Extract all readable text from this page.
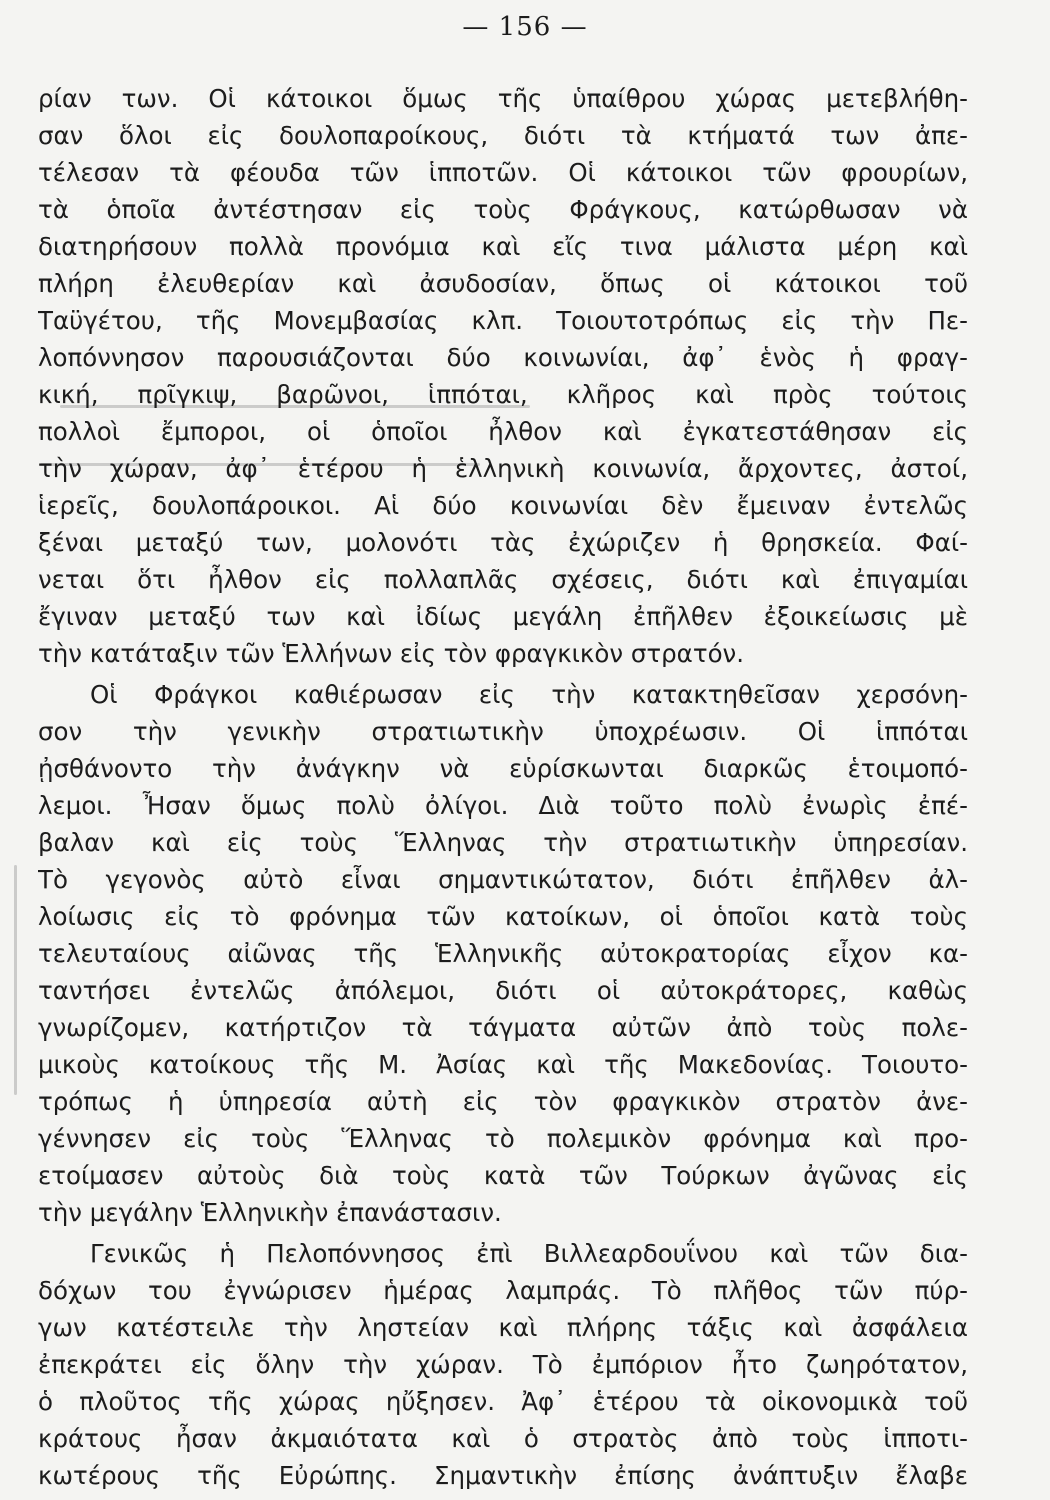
— 156 —
ρίαν των. Οἱ κάτοικοι ὅμως τῆς ὑπαίθρου χώρας μετεβλήθη-
σαν ὅλοι εἰς δουλοπαροίκους, διότι τὰ κτήματά των ἀπε-
τέλεσαν τὰ φέουδα τῶν ἱπποτῶν. Οἱ κάτοικοι τῶν φρουρίων,
τὰ ὁποῖα ἀντέστησαν εἰς τοὺς Φράγκους, κατώρθωσαν νὰ
διατηρήσουν πολλὰ προνόμια καὶ εἴς τινα μάλιστα μέρη καὶ
πλήρη ἐλευθερίαν καὶ ἀσυδοσίαν, ὅπως οἱ κάτοικοι τοῦ
Ταϋγέτου, τῆς Μονεμβασίας κλπ. Τοιουτοτρόπως εἰς τὴν Πε-
λοπόννησον παρουσιάζονται δύο κοινωνίαι, ἀφ᾽ ἑνὸς ἡ φραγ-
κική, πρῖγκιψ, βαρῶνοι, ἱππόται, κλῆρος καὶ πρὸς τούτοις
πολλοὶ ἔμποροι, οἱ ὁποῖοι ἦλθον καὶ ἐγκατεστάθησαν εἰς
τὴν χώραν, ἀφ᾽ ἑτέρου ἡ ἑλληνικὴ κοινωνία, ἄρχοντες, ἀστοί,
ἱερεῖς, δουλοπάροικοι. Αἱ δύο κοινωνίαι δὲν ἔμειναν ἐντελῶς
ξέναι μεταξύ των, μολονότι τὰς ἐχώριζεν ἡ θρησκεία. Φαί-
νεται ὅτι ἦλθον εἰς πολλαπλᾶς σχέσεις, διότι καὶ ἐπιγαμίαι
ἔγιναν μεταξύ των καὶ ἰδίως μεγάλη ἐπῆλθεν ἐξοικείωσις μὲ
τὴν κατάταξιν τῶν Ἑλλήνων εἰς τὸν φραγκικὸν στρατόν.
Οἱ Φράγκοι καθιέρωσαν εἰς τὴν κατακτηθεῖσαν χερσόνη-
σον τὴν γενικὴν στρατιωτικὴν ὑποχρέωσιν. Οἱ ἱππόται
ᾐσθάνοντο τὴν ἀνάγκην νὰ εὑρίσκωνται διαρκῶς ἑτοιμοπό-
λεμοι. Ἦσαν ὅμως πολὺ ὀλίγοι. Διὰ τοῦτο πολὺ ἐνωρὶς ἐπέ-
βαλαν καὶ εἰς τοὺς Ἕλληνας τὴν στρατιωτικὴν ὑπηρεσίαν.
Τὸ γεγονὸς αὐτὸ εἶναι σημαντικώτατον, διότι ἐπῆλθεν ἀλ-
λοίωσις εἰς τὸ φρόνημα τῶν κατοίκων, οἱ ὁποῖοι κατὰ τοὺς
τελευταίους αἰῶνας τῆς Ἑλληνικῆς αὐτοκρατορίας εἶχον κα-
ταντήσει ἐντελῶς ἀπόλεμοι, διότι οἱ αὐτοκράτορες, καθὼς
γνωρίζομεν, κατήρτιζον τὰ τάγματα αὐτῶν ἀπὸ τοὺς πολε-
μικοὺς κατοίκους τῆς Μ. Ἀσίας καὶ τῆς Μακεδονίας. Τοιουτο-
τρόπως ἡ ὑπηρεσία αὐτὴ εἰς τὸν φραγκικὸν στρατὸν ἀνε-
γέννησεν εἰς τοὺς Ἕλληνας τὸ πολεμικὸν φρόνημα καὶ προ-
ετοίμασεν αὐτοὺς διὰ τοὺς κατὰ τῶν Τούρκων ἀγῶνας εἰς
τὴν μεγάλην Ἑλληνικὴν ἐπανάστασιν.
Γενικῶς ἡ Πελοπόννησος ἐπὶ Βιλλεαρδουΐνου καὶ τῶν δια-
δόχων του ἐγνώρισεν ἡμέρας λαμπράς. Τὸ πλῆθος τῶν πύρ-
γων κατέστειλε τὴν ληστείαν καὶ πλήρης τάξις καὶ ἀσφάλεια
ἐπεκράτει εἰς ὅλην τὴν χώραν. Τὸ ἐμπόριον ἦτο ζωηρότατον,
ὁ πλοῦτος τῆς χώρας ηὔξησεν. Ἀφ᾽ ἑτέρου τὰ οἰκονομικὰ τοῦ
κράτους ἦσαν ἀκμαιότατα καὶ ὁ στρατὸς ἀπὸ τοὺς ἱπποτι-
κωτέρους τῆς Εὐρώπης. Σημαντικὴν ἐπίσης ἀνάπτυξιν ἔλαβε
